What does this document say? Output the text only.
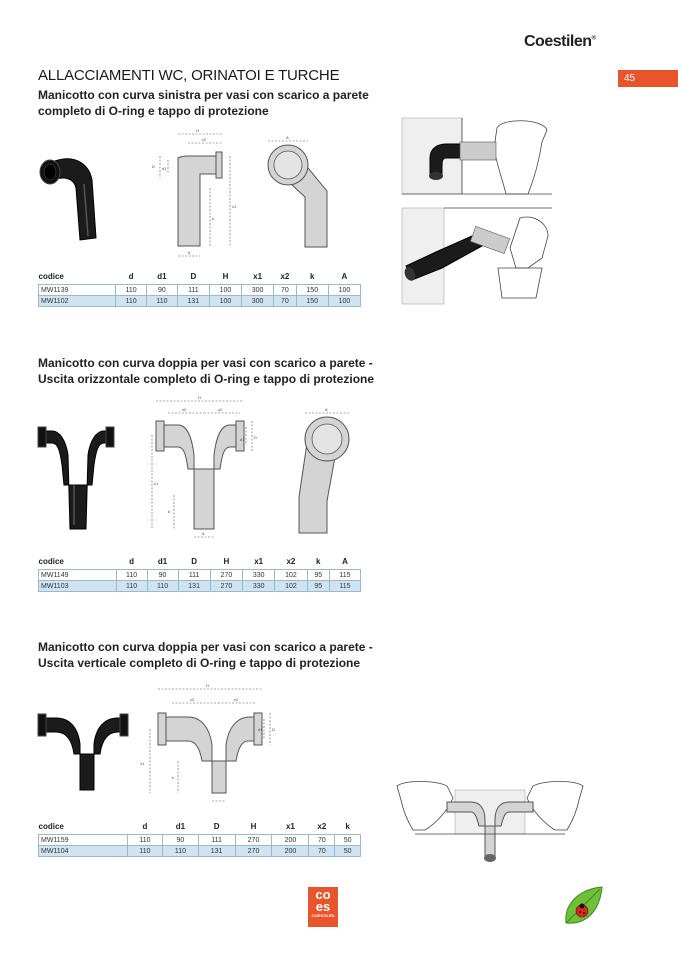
Coestilen®
45
ALLACCIAMENTI WC, ORINATOI E TURCHE
Manicotto con curva sinistra per vasi con scarico a parete
completo di O-ring e tappo di protezione
H
x2
D d1
x1
k
d
A
codice	d	d1	D	H	x1	x2	k	A
MW1139	110	90	111	100	300	70	150	100
MW1102	110	110	131	100	300	70	150	100
Manicotto con curva doppia per vasi con scarico a parete -
Uscita orizzontale completo di O-ring e tappo di protezione
H
x2	x2
D
d1
x1
k
d
A
codice	d	d1	D	H	x1	x2	k	A
MW1149	110	90	111	270	330	102	95	115
MW1103	110	110	131	270	330	102	95	115
Manicotto con curva doppia per vasi con scarico a parete -
Uscita verticale completo di O-ring e tappo di protezione
H
x2	x2
d1 D
x1
k
codice	d	d1	D	H	x1	x2	k
MW1159	110	90	111	270	200	70	50
MW1104	110	110	131	270	200	70	50
co
es
COESTILEN
